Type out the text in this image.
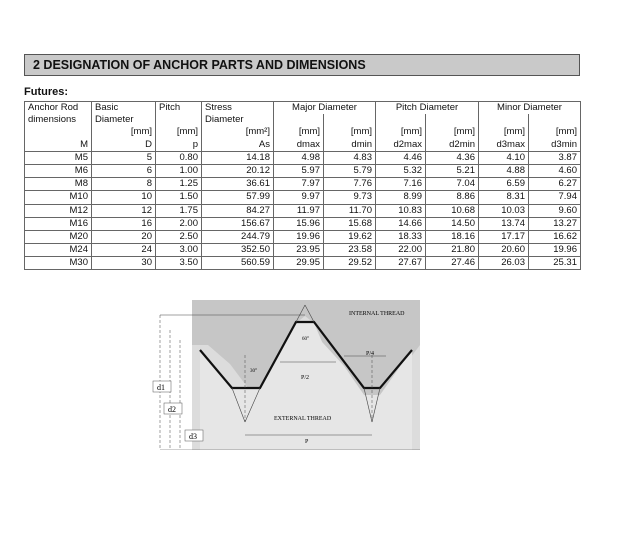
2 DESIGNATION OF ANCHOR PARTS AND DIMENSIONS
Futures:
Anchor Rod	Basic	Pitch	Stress	Major Diameter		Pitch Diameter		Minor Diameter	
dimensions	Diameter		Diameter						
	[mm]	[mm]	[mm²]	[mm]	[mm]	[mm]	[mm]	[mm]	[mm]
M	D	p	As	dmax	dmin	d2max	d2min	d3max	d3min
M5	5	0.80	14.18	4.98	4.83	4.46	4.36	4.10	3.87
M6	6	1.00	20.12	5.97	5.79	5.32	5.21	4.88	4.60
M8	8	1.25	36.61	7.97	7.76	7.16	7.04	6.59	6.27
M10	10	1.50	57.99	9.97	9.73	8.99	8.86	8.31	7.94
M12	12	1.75	84.27	11.97	11.70	10.83	10.68	10.03	9.60
M16	16	2.00	156.67	15.96	15.68	14.66	14.50	13.74	13.27
M20	20	2.50	244.79	19.96	19.62	18.33	18.16	17.17	16.62
M24	24	3.00	352.50	23.95	23.58	22.00	21.80	20.60	19.96
M30	30	3.50	560.59	29.95	29.52	27.67	27.46	26.03	25.31
d1
d2
d3
INTERNAL THREAD
EXTERNAL THREAD
60°
30°
P/2
P/4
P
